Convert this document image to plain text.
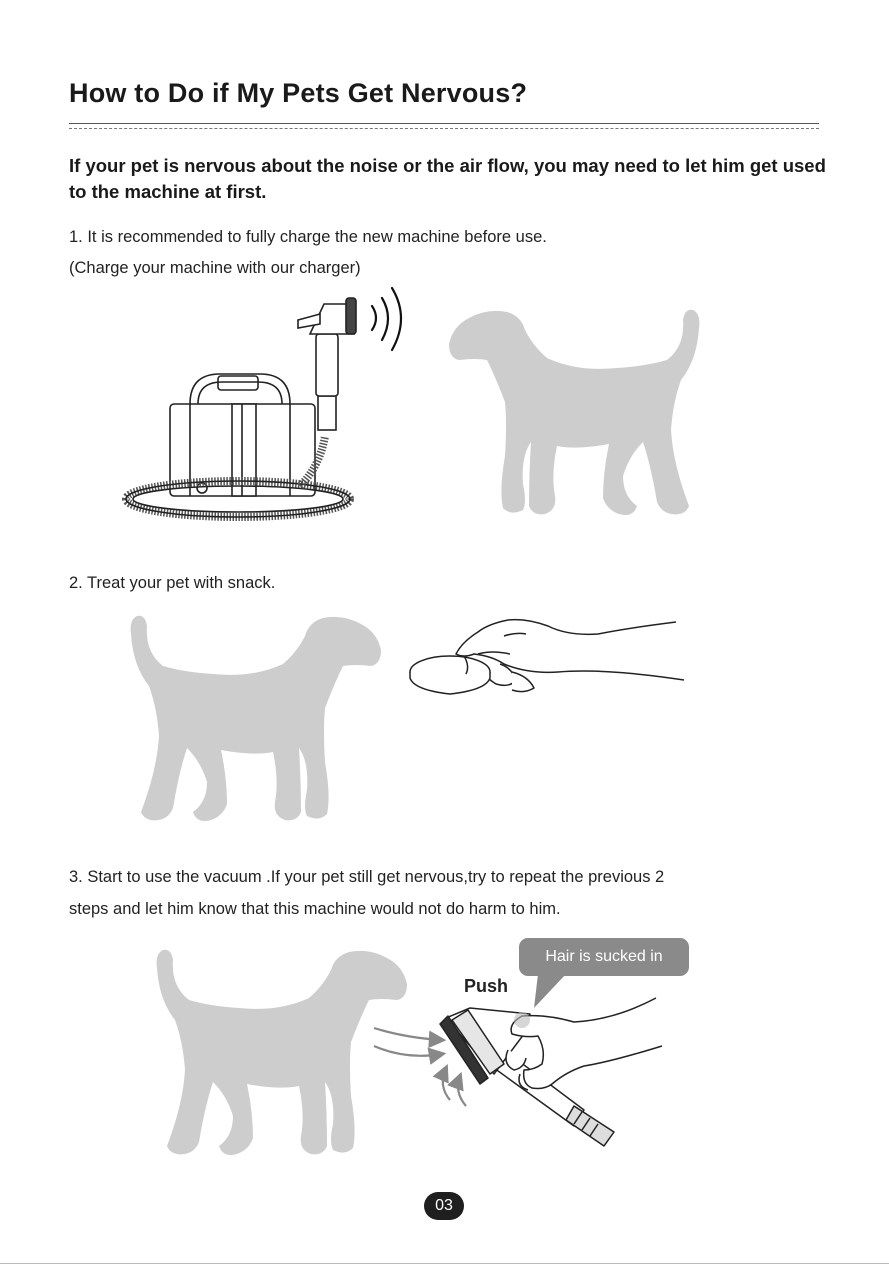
How to Do if My Pets Get Nervous?

If your pet is nervous about the noise or the air flow, you may need to let him get used to the machine at first.

1. It is recommended to fully charge the new machine before use.

(Charge your machine with our charger)

2. Treat your pet with snack.

3. Start to use the vacuum .If your pet still get nervous,try to repeat the previous 2

steps and let him know that this machine would not do harm to him.

Hair is sucked in
Push
03
